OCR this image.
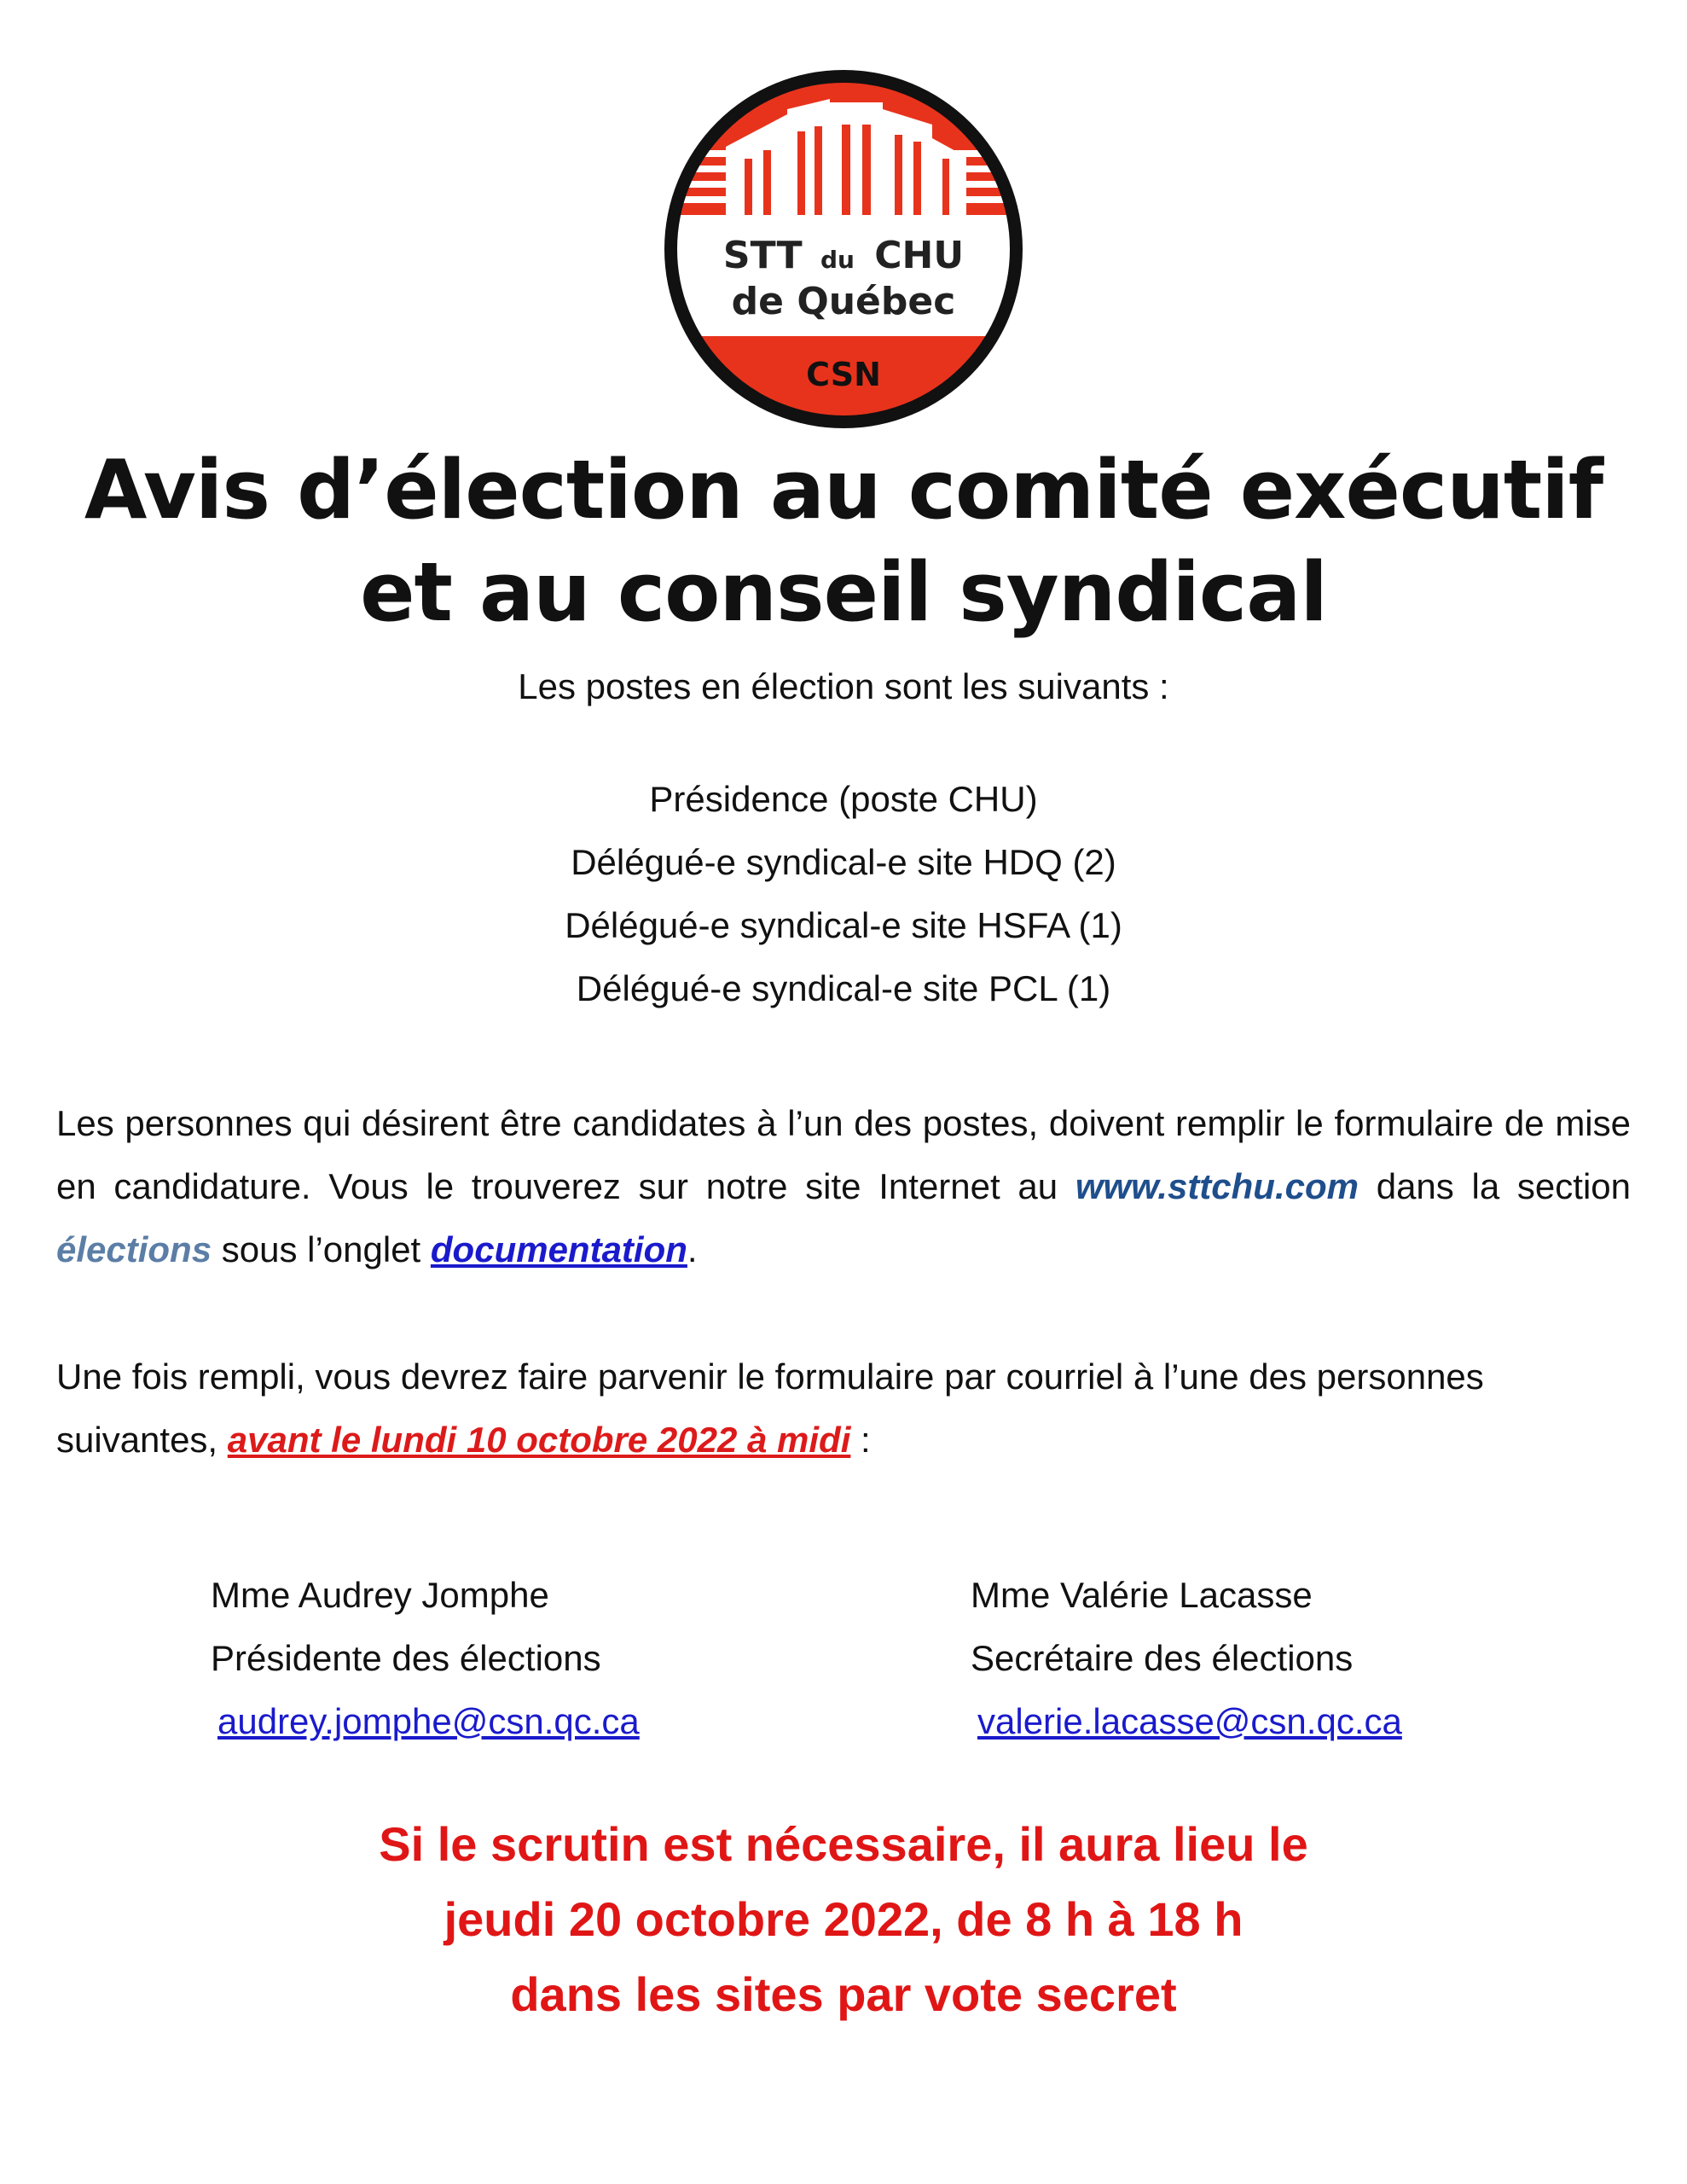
STT du CHU
de Québec
CSN
Avis d’élection au comité exécutif
et au conseil syndical
Les postes en élection sont les suivants :
Présidence (poste CHU)
Délégué-e syndical-e site HDQ (2)
Délégué-e syndical-e site HSFA (1)
Délégué-e syndical-e site PCL (1)

Les personnes qui désirent être candidates à l’un des postes, doivent remplir le formulaire de mise en candidature. Vous le trouverez sur notre site Internet au www.sttchu.com dans la section élections sous l’onglet documentation.

Une fois rempli, vous devrez faire parvenir le formulaire par courriel à l’une des personnes suivantes, avant le lundi 10 octobre 2022 à midi :

Mme Audrey Jomphe
Présidente des élections
audrey.jomphe@csn.qc.ca
Mme Valérie Lacasse
Secrétaire des élections
valerie.lacasse@csn.qc.ca
Si le scrutin est nécessaire, il aura lieu le
jeudi 20 octobre 2022, de 8 h à 18 h
dans les sites par vote secret
